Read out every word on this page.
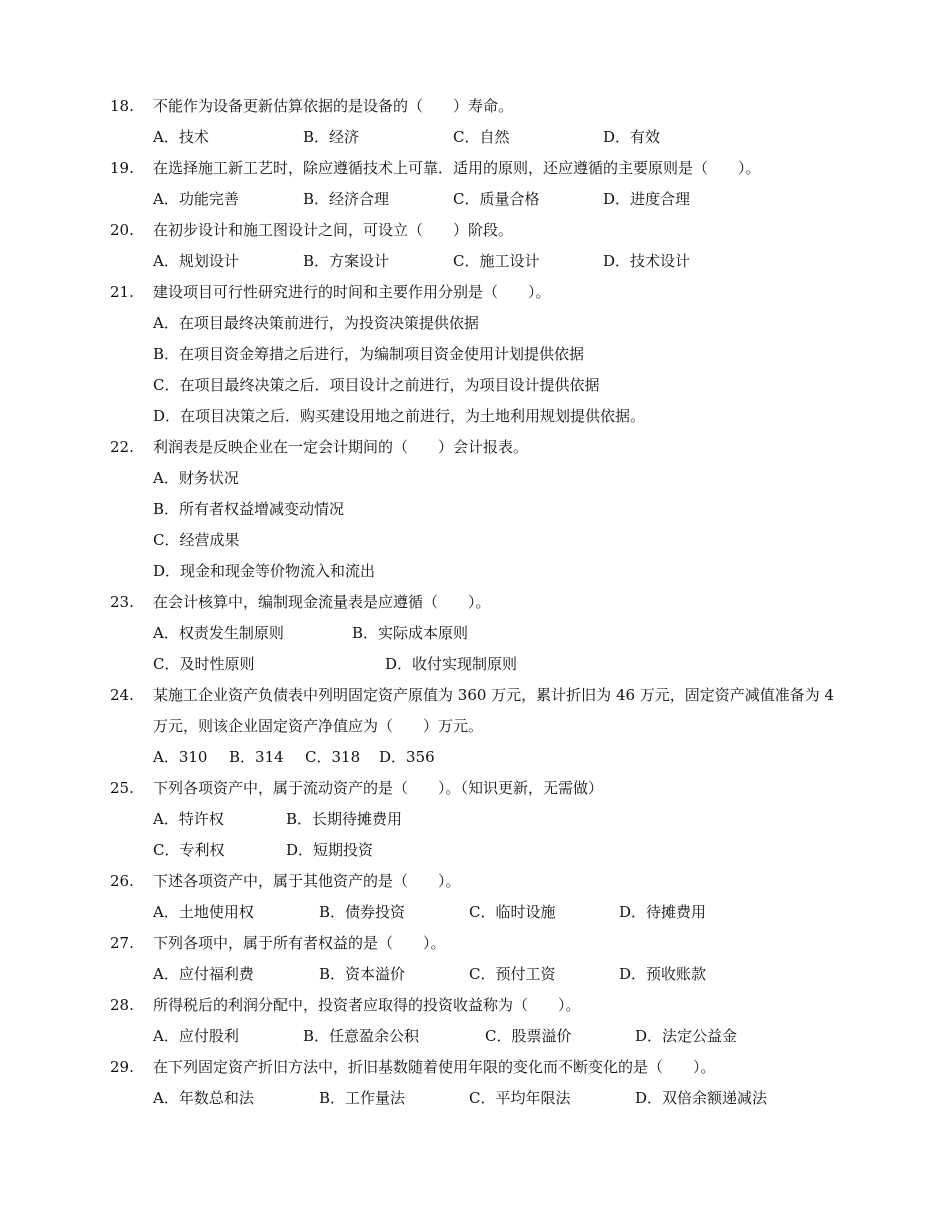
18.	不能作为设备更新估算依据的是设备的（　　）寿命。
A．技术	B．经济	C．自然	D．有效
19.	在选择施工新工艺时，除应遵循技术上可靠．适用的原则，还应遵循的主要原则是（　　）。
A．功能完善	B．经济合理	C．质量合格	D．进度合理
20.	在初步设计和施工图设计之间，可设立（　　）阶段。
A．规划设计	B．方案设计	C．施工设计	D．技术设计
21.	建设项目可行性研究进行的时间和主要作用分别是（　　）。
A．在项目最终决策前进行，为投资决策提供依据
B．在项目资金筹措之后进行，为编制项目资金使用计划提供依据
C．在项目最终决策之后．项目设计之前进行，为项目设计提供依据
D．在项目决策之后．购买建设用地之前进行，为土地利用规划提供依据。
22.	利润表是反映企业在一定会计期间的（　　）会计报表。
A．财务状况
B．所有者权益增减变动情况
C．经营成果
D．现金和现金等价物流入和流出
23.	在会计核算中，编制现金流量表是应遵循（　　）。
A．权责发生制原则	B．实际成本原则
C．及时性原则	D．收付实现制原则
24.	某施工企业资产负债表中列明固定资产原值为 360 万元，累计折旧为 46 万元，固定资产减值准备为 4 万元，则该企业固定资产净值应为（　　）万元。
A．310 B．314 C．318 D．356
25.	下列各项资产中，属于流动资产的是（　　）。（知识更新，无需做）
A．特许权	B．长期待摊费用
C．专利权	D．短期投资
26.	下述各项资产中，属于其他资产的是（　　）。
A．土地使用权	B．债券投资	C．临时设施	D．待摊费用
27.	下列各项中，属于所有者权益的是（　　）。
A．应付福利费	B．资本溢价	C．预付工资	D．预收账款
28.	所得税后的利润分配中，投资者应取得的投资收益称为（　　）。
A．应付股利	B．任意盈余公积	C．股票溢价	D．法定公益金
29.	在下列固定资产折旧方法中，折旧基数随着使用年限的变化而不断变化的是（　　）。
A．年数总和法	B．工作量法	C．平均年限法	D．双倍余额递减法
